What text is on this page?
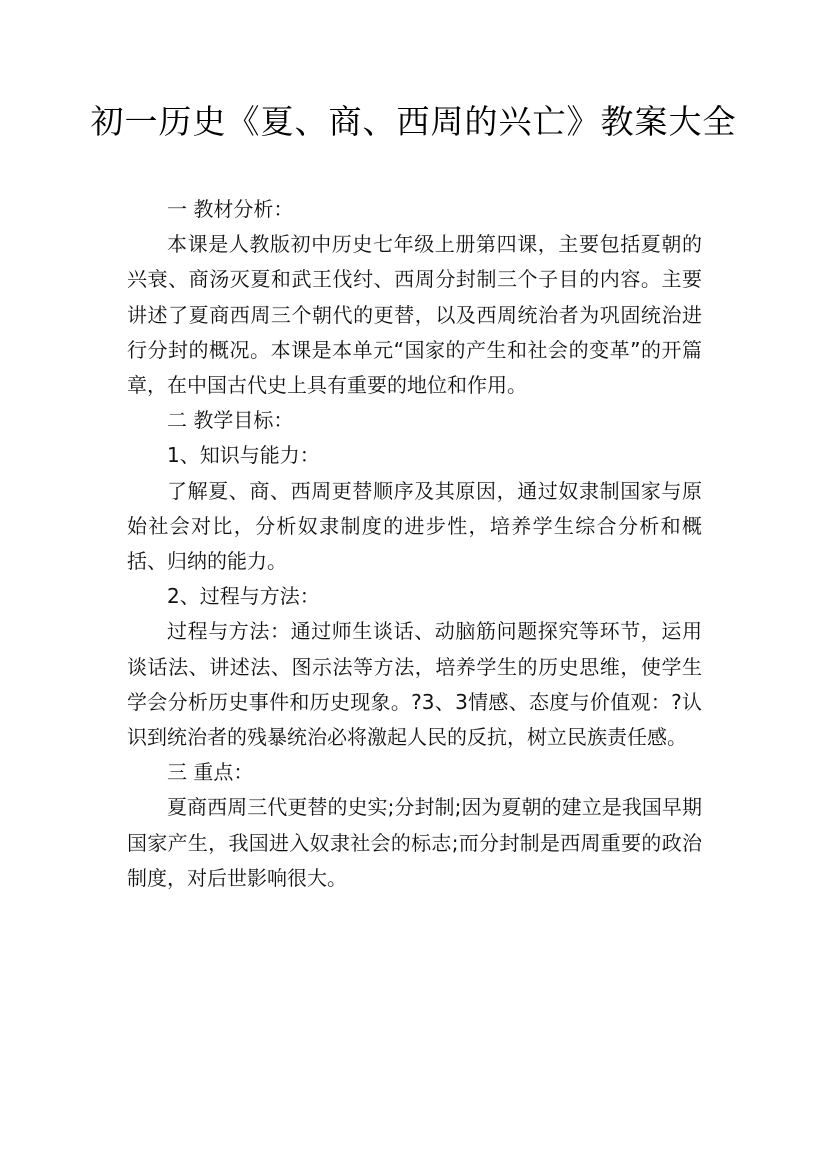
初一历史《夏、商、西周的兴亡》教案大全

一 教材分析：

本课是人教版初中历史七年级上册第四课，主要包括夏朝的兴衰、商汤灭夏和武王伐纣、西周分封制三个子目的内容。主要讲述了夏商西周三个朝代的更替，以及西周统治者为巩固统治进行分封的概况。本课是本单元“国家的产生和社会的变革”的开篇章，在中国古代史上具有重要的地位和作用。

二 教学目标：

1、知识与能力：

了解夏、商、西周更替顺序及其原因，通过奴隶制国家与原始社会对比，分析奴隶制度的进步性，培养学生综合分析和概括、归纳的能力。

2、过程与方法：

过程与方法：通过师生谈话、动脑筋问题探究等环节，运用谈话法、讲述法、图示法等方法，培养学生的历史思维，使学生学会分析历史事件和历史现象。?3、3情感、态度与价值观：?认识到统治者的残暴统治必将激起人民的反抗，树立民族责任感。

三 重点：

夏商西周三代更替的史实;分封制;因为夏朝的建立是我国早期国家产生，我国进入奴隶社会的标志;而分封制是西周重要的政治制度，对后世影响很大。
